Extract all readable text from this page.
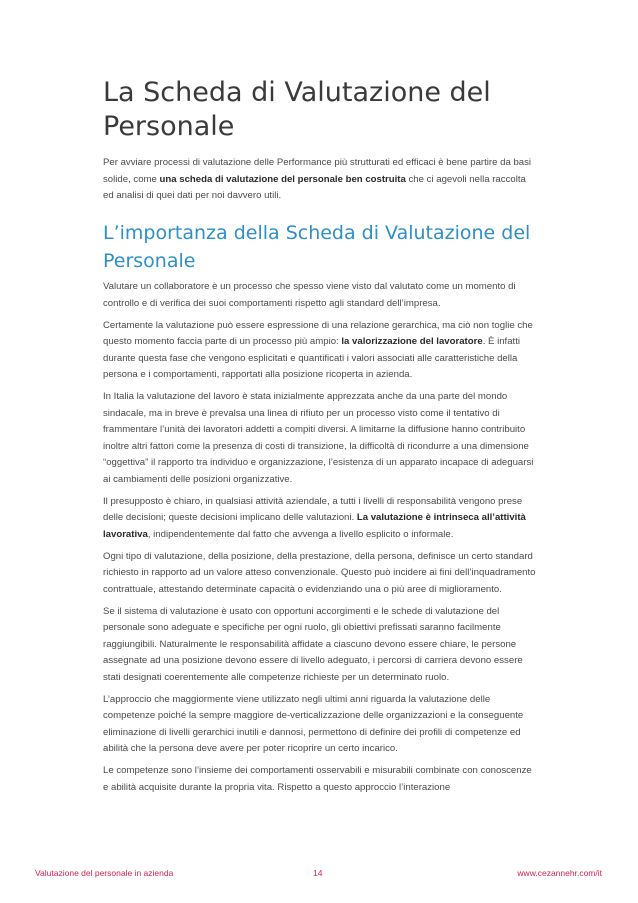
La Scheda di Valutazione del Personale

Per avviare processi di valutazione delle Performance più strutturati ed efficaci è bene partire da basi solide, come una scheda di valutazione del personale ben costruita che ci agevoli nella raccolta ed analisi di quei dati per noi davvero utili.

L’importanza della Scheda di Valutazione del Personale

Valutare un collaboratore è un processo che spesso viene visto dal valutato come un momento di controllo e di verifica dei suoi comportamenti rispetto agli standard dell’impresa.

Certamente la valutazione può essere espressione di una relazione gerarchica, ma ciò non toglie che questo momento faccia parte di un processo più ampio: la valorizzazione del lavoratore. È infatti durante questa fase che vengono esplicitati e quantificati i valori associati alle caratteristiche della persona e i comportamenti, rapportati alla posizione ricoperta in azienda.

In Italia la valutazione del lavoro è stata inizialmente apprezzata anche da una parte del mondo sindacale, ma in breve è prevalsa una linea di rifiuto per un processo visto come il tentativo di frammentare l’unità dei lavoratori addetti a compiti diversi. A limitarne la diffusione hanno contribuito inoltre altri fattori come la presenza di costi di transizione, la difficoltà di ricondurre a una dimensione “oggettiva” il rapporto tra individuo e organizzazione, l’esistenza di un apparato incapace di adeguarsi ai cambiamenti delle posizioni organizzative.

Il presupposto è chiaro, in qualsiasi attività aziendale, a tutti i livelli di responsabilità vengono prese delle decisioni; queste decisioni implicano delle valutazioni. La valutazione è intrinseca all’attività lavorativa, indipendentemente dal fatto che avvenga a livello esplicito o informale.

Ogni tipo di valutazione, della posizione, della prestazione, della persona, definisce un certo standard richiesto in rapporto ad un valore atteso convenzionale. Questo può incidere ai fini dell’inquadramento contrattuale, attestando determinate capacità o evidenziando una o più aree di miglioramento.

Se il sistema di valutazione è usato con opportuni accorgimenti e le schede di valutazione del personale sono adeguate e specifiche per ogni ruolo, gli obiettivi prefissati saranno facilmente raggiungibili. Naturalmente le responsabilità affidate a ciascuno devono essere chiare, le persone assegnate ad una posizione devono essere di livello adeguato, i percorsi di carriera devono essere stati designati coerentemente alle competenze richieste per un determinato ruolo.

L’approccio che maggiormente viene utilizzato negli ultimi anni riguarda la valutazione delle competenze poiché la sempre maggiore de-verticalizzazione delle organizzazioni e la conseguente eliminazione di livelli gerarchici inutili e dannosi, permettono di definire dei profili di competenze ed abilità che la persona deve avere per poter ricoprire un certo incarico.

Le competenze sono l’insieme dei comportamenti osservabili e misurabili combinate con conoscenze e abilità acquisite durante la propria vita. Rispetto a questo approccio l’interazione

Valutazione del personale in azienda	14	www.cezannehr.com/it
